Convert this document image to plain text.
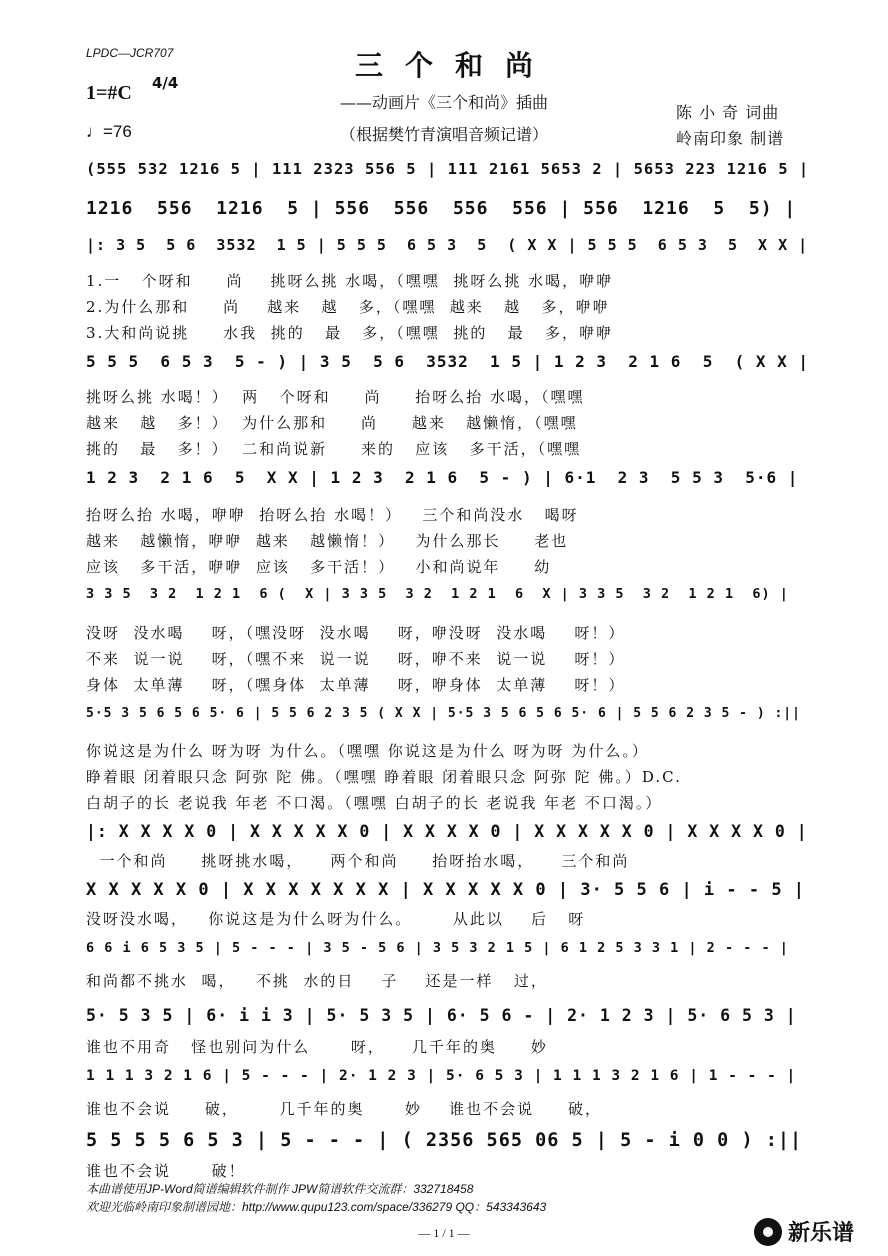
LPDC—JCR707	三个和尚
——动画片《三个和尚》插曲
（根据樊竹青演唱音频记谱）
1=#C 4/4
♩=76
陈 小 奇 词曲
岭南印象 制谱
(555 532 1216 5 | 111 2323 556 5 | 111 2161 5653 2 | 5653 223 1216 5 |
1216  556  1216  5 | 556  556  556  556 | 556  1216  5  5) |
|: 3 5  5 6  3532  1 5 | 5 5 5  6 5 3  5  ( X X | 5 5 5  6 5 3  5  X X |
1.一   个呀和     尚    挑呀么挑 水喝，（嘿嘿  挑呀么挑 水喝，咿咿
2.为什么那和     尚    越来   越   多，（嘿嘿  越来   越   多，咿咿
3.大和尚说挑     水我  挑的   最   多，（嘿嘿  挑的   最   多，咿咿
5 5 5  6 5 3  5 - ) | 3 5  5 6  3532  1 5 | 1 2 3  2 1 6  5  ( X X |
挑呀么挑 水喝！）  两   个呀和     尚     抬呀么抬 水喝，（嘿嘿
越来   越   多！）  为什么那和     尚     越来   越懒惰，（嘿嘿
挑的   最   多！）  二和尚说新     来的   应该   多干活，（嘿嘿
1 2 3  2 1 6  5  X X | 1 2 3  2 1 6  5 - ) | 6·1  2 3  5 5 3  5·6 |
抬呀么抬 水喝，咿咿  抬呀么抬 水喝！）   三个和尚没水   喝呀
越来   越懒惰，咿咿  越来   越懒惰！）   为什么那长     老也
应该   多干活，咿咿  应该   多干活！）   小和尚说年     幼
3 3 5  3 2  1 2 1  6 (  X | 3 3 5  3 2  1 2 1  6  X | 3 3 5  3 2  1 2 1  6) |
没呀  没水喝    呀，（嘿没呀  没水喝    呀，咿没呀  没水喝    呀！）
不来  说一说    呀，（嘿不来  说一说    呀，咿不来  说一说    呀！）
身体  太单薄    呀，（嘿身体  太单薄    呀，咿身体  太单薄    呀！）
5·5 3 5 6 5 6 5· 6 | 5 5 6 2 3 5 ( X X | 5·5 3 5 6 5 6 5· 6 | 5 5 6 2 3 5 - ) :||
你说这是为什么 呀为呀 为什么。（嘿嘿 你说这是为什么 呀为呀 为什么。）
睁着眼 闭着眼只念 阿弥 陀 佛。（嘿嘿 睁着眼 闭着眼只念 阿弥 陀 佛。）D.C.
白胡子的长 老说我 年老 不口渴。（嘿嘿 白胡子的长 老说我 年老 不口渴。）
|: X X X X 0 | X X X X X 0 | X X X X 0 | X X X X X 0 | X X X X 0 |
一个和尚     挑呀挑水喝，    两个和尚     抬呀抬水喝，    三个和尚
X X X X X 0 | X X X X X X X | X X X X X 0 | 3· 5 5 6 | i - - 5 |
没呀没水喝，   你说这是为什么呀为什么。      从此以    后   呀
6 6 i 6 5 3 5 | 5 - - - | 3 5 - 5 6 | 3 5 3 2 1 5 | 6 1 2 5 3 3 1 | 2 - - - |
和尚都不挑水  喝，   不挑  水的日    子    还是一样   过，
5· 5 3 5 | 6· i i 3 | 5· 5 3 5 | 6· 5 6 - | 2· 1 2 3 | 5· 6 5 3 |
谁也不用奇   怪也别问为什么      呀，    几千年的奥     妙
1 1 1 3 2 1 6 | 5 - - - | 2· 1 2 3 | 5· 6 5 3 | 1 1 1 3 2 1 6 | 1 - - - |
谁也不会说     破，      几千年的奥      妙    谁也不会说     破，
5 5 5 5 6 5 3 | 5 - - - | ( 2356 565 06 5 | 5 - i 0 0 ) :||
谁也不会说      破！
本曲谱使用JP-Word简谱编辑软件制作 JPW简谱软件交流群：332718458
欢迎光临岭南印象制谱园地：http://www.qupu123.com/space/336279 QQ：543343643
— 1 / 1 —	新乐谱
